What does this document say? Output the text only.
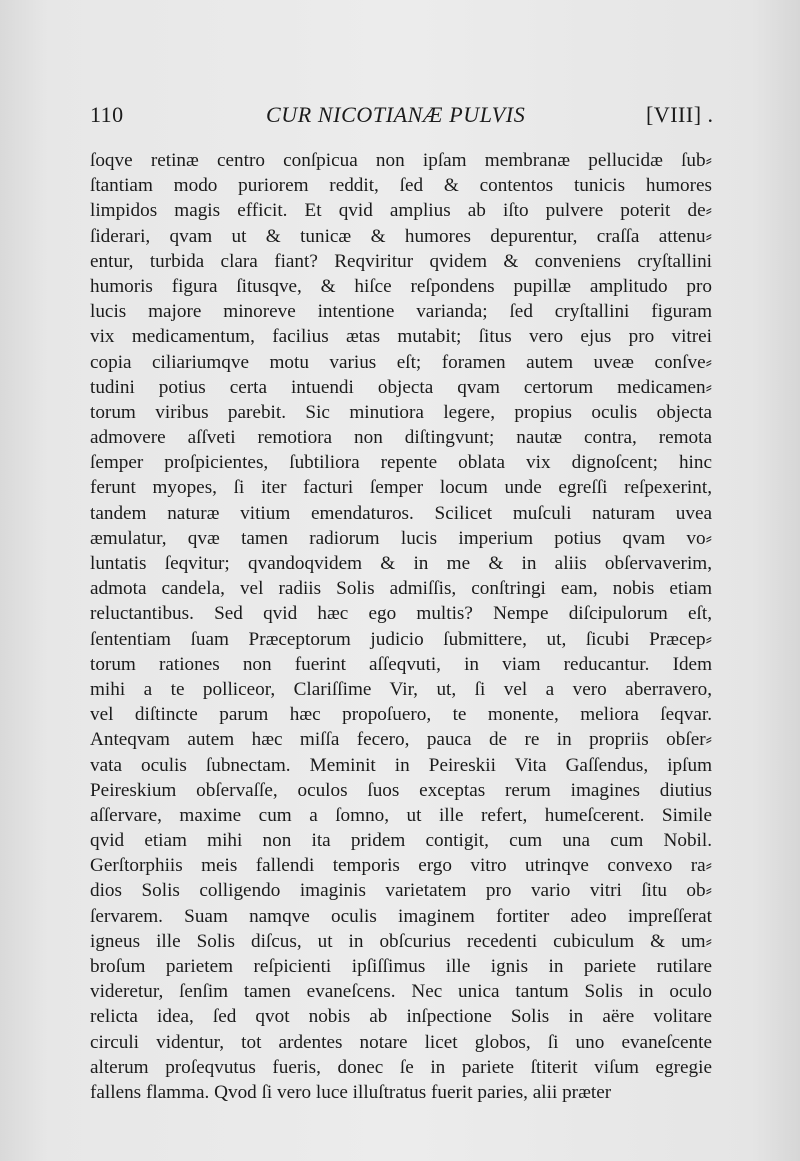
110	CUR NICOTIANÆ PULVIS	[VIII] .
ſoqve retinæ centro conſpicua non ipſam membranæ pellucidæ ſub⸗
ſtantiam modo puriorem reddit, ſed & contentos tunicis humores
limpidos magis efficit. Et qvid amplius ab iſto pulvere poterit de⸗
ſiderari, qvam ut & tunicæ & humores depurentur, craſſa attenu⸗
entur, turbida clara fiant? Reqviritur qvidem & conveniens cryſtallini
humoris figura ſitusqve, & hiſce reſpondens pupillæ amplitudo pro
lucis majore minoreve intentione varianda; ſed cryſtallini figuram
vix medicamentum, facilius ætas mutabit; ſitus vero ejus pro vitrei
copia ciliariumqve motu varius eſt; foramen autem uveæ conſve⸗
tudini potius certa intuendi objecta qvam certorum medicamen⸗
torum viribus parebit. Sic minutiora legere, propius oculis objecta
admovere aſſveti remotiora non diſtingvunt; nautæ contra, remota
ſemper proſpicientes, ſubtiliora repente oblata vix dignoſcent; hinc
ferunt myopes, ſi iter facturi ſemper locum unde egreſſi reſpexerint,
tandem naturæ vitium emendaturos. Scilicet muſculi naturam uvea
æmulatur, qvæ tamen radiorum lucis imperium potius qvam vo⸗
luntatis ſeqvitur; qvandoqvidem & in me & in aliis obſervaverim,
admota candela, vel radiis Solis admiſſis, conſtringi eam, nobis etiam
reluctantibus. Sed qvid hæc ego multis? Nempe diſcipulorum eſt,
ſententiam ſuam Præceptorum judicio ſubmittere, ut, ſicubi Præcep⸗
torum rationes non fuerint aſſeqvuti, in viam reducantur. Idem
mihi a te polliceor, Clariſſime Vir, ut, ſi vel a vero aberravero,
vel diſtincte parum hæc propoſuero, te monente, meliora ſeqvar.
Anteqvam autem hæc miſſa fecero, pauca de re in propriis obſer⸗
vata oculis ſubnectam. Meminit in Peireskii Vita Gaſſendus, ipſum
Peireskium obſervaſſe, oculos ſuos exceptas rerum imagines diutius
aſſervare, maxime cum a ſomno, ut ille refert, humeſcerent. Simile
qvid etiam mihi non ita pridem contigit, cum una cum Nobil.
Gerſtorphiis meis fallendi temporis ergo vitro utrinqve convexo ra⸗
dios Solis colligendo imaginis varietatem pro vario vitri ſitu ob⸗
ſervarem. Suam namqve oculis imaginem fortiter adeo impreſſerat
igneus ille Solis diſcus, ut in obſcurius recedenti cubiculum & um⸗
broſum parietem reſpicienti ipſiſſimus ille ignis in pariete rutilare
videretur, ſenſim tamen evaneſcens. Nec unica tantum Solis in oculo
relicta idea, ſed qvot nobis ab inſpectione Solis in aëre volitare
circuli videntur, tot ardentes notare licet globos, ſi uno evaneſcente
alterum proſeqvutus fueris, donec ſe in pariete ſtiterit viſum egregie
fallens flamma. Qvod ſi vero luce illuſtratus fuerit paries, alii præter
